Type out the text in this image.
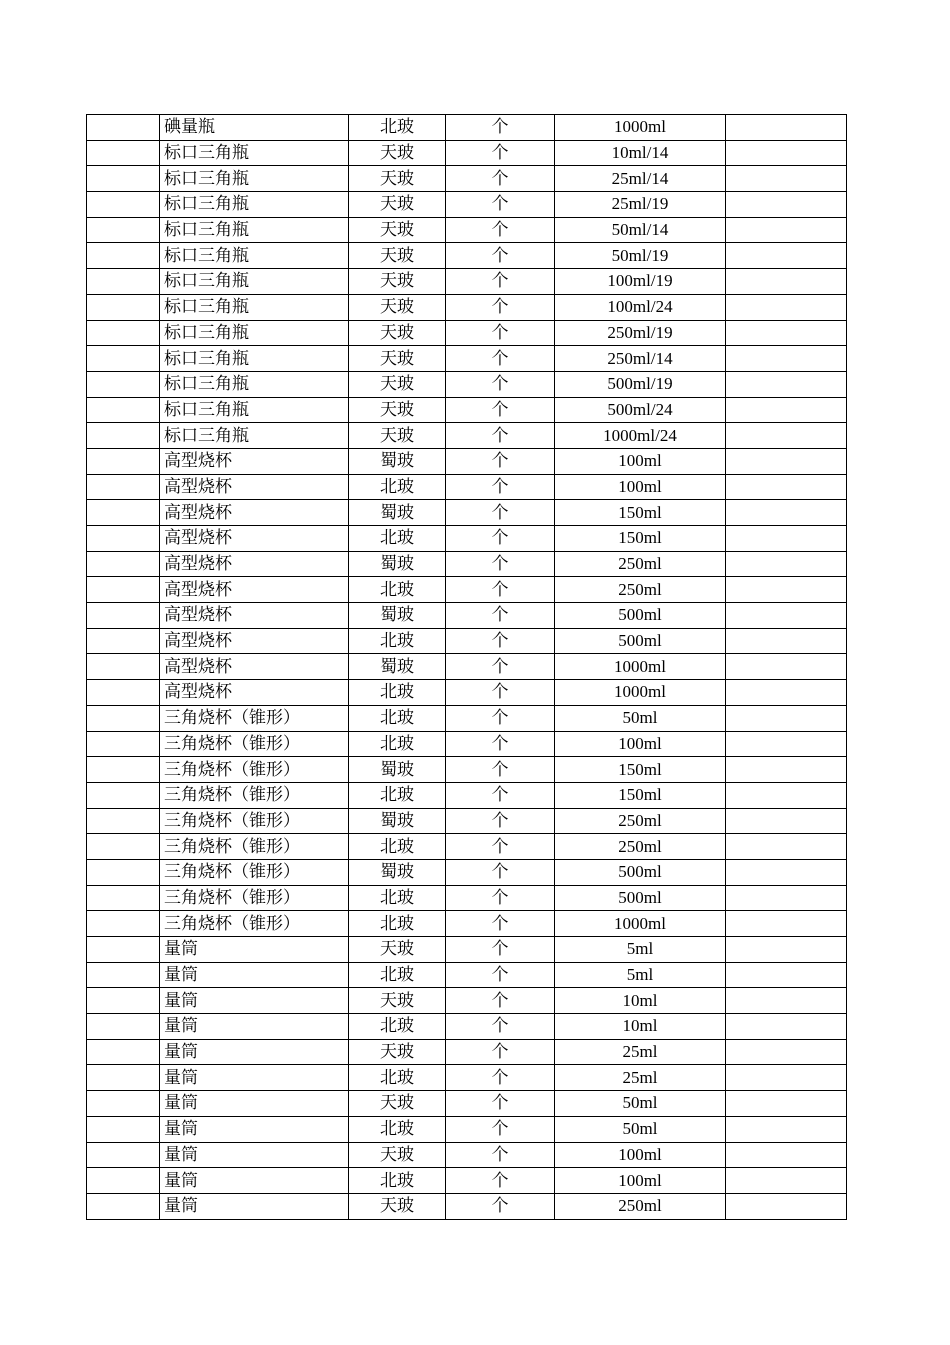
	碘量瓶	北玻	个	1000ml	
	标口三角瓶	天玻	个	10ml/14	
	标口三角瓶	天玻	个	25ml/14	
	标口三角瓶	天玻	个	25ml/19	
	标口三角瓶	天玻	个	50ml/14	
	标口三角瓶	天玻	个	50ml/19	
	标口三角瓶	天玻	个	100ml/19	
	标口三角瓶	天玻	个	100ml/24	
	标口三角瓶	天玻	个	250ml/19	
	标口三角瓶	天玻	个	250ml/14	
	标口三角瓶	天玻	个	500ml/19	
	标口三角瓶	天玻	个	500ml/24	
	标口三角瓶	天玻	个	1000ml/24	
	高型烧杯	蜀玻	个	100ml	
	高型烧杯	北玻	个	100ml	
	高型烧杯	蜀玻	个	150ml	
	高型烧杯	北玻	个	150ml	
	高型烧杯	蜀玻	个	250ml	
	高型烧杯	北玻	个	250ml	
	高型烧杯	蜀玻	个	500ml	
	高型烧杯	北玻	个	500ml	
	高型烧杯	蜀玻	个	1000ml	
	高型烧杯	北玻	个	1000ml	
	三角烧杯（锥形）	北玻	个	50ml	
	三角烧杯（锥形）	北玻	个	100ml	
	三角烧杯（锥形）	蜀玻	个	150ml	
	三角烧杯（锥形）	北玻	个	150ml	
	三角烧杯（锥形）	蜀玻	个	250ml	
	三角烧杯（锥形）	北玻	个	250ml	
	三角烧杯（锥形）	蜀玻	个	500ml	
	三角烧杯（锥形）	北玻	个	500ml	
	三角烧杯（锥形）	北玻	个	1000ml	
	量筒	天玻	个	5ml	
	量筒	北玻	个	5ml	
	量筒	天玻	个	10ml	
	量筒	北玻	个	10ml	
	量筒	天玻	个	25ml	
	量筒	北玻	个	25ml	
	量筒	天玻	个	50ml	
	量筒	北玻	个	50ml	
	量筒	天玻	个	100ml	
	量筒	北玻	个	100ml	
	量筒	天玻	个	250ml	
